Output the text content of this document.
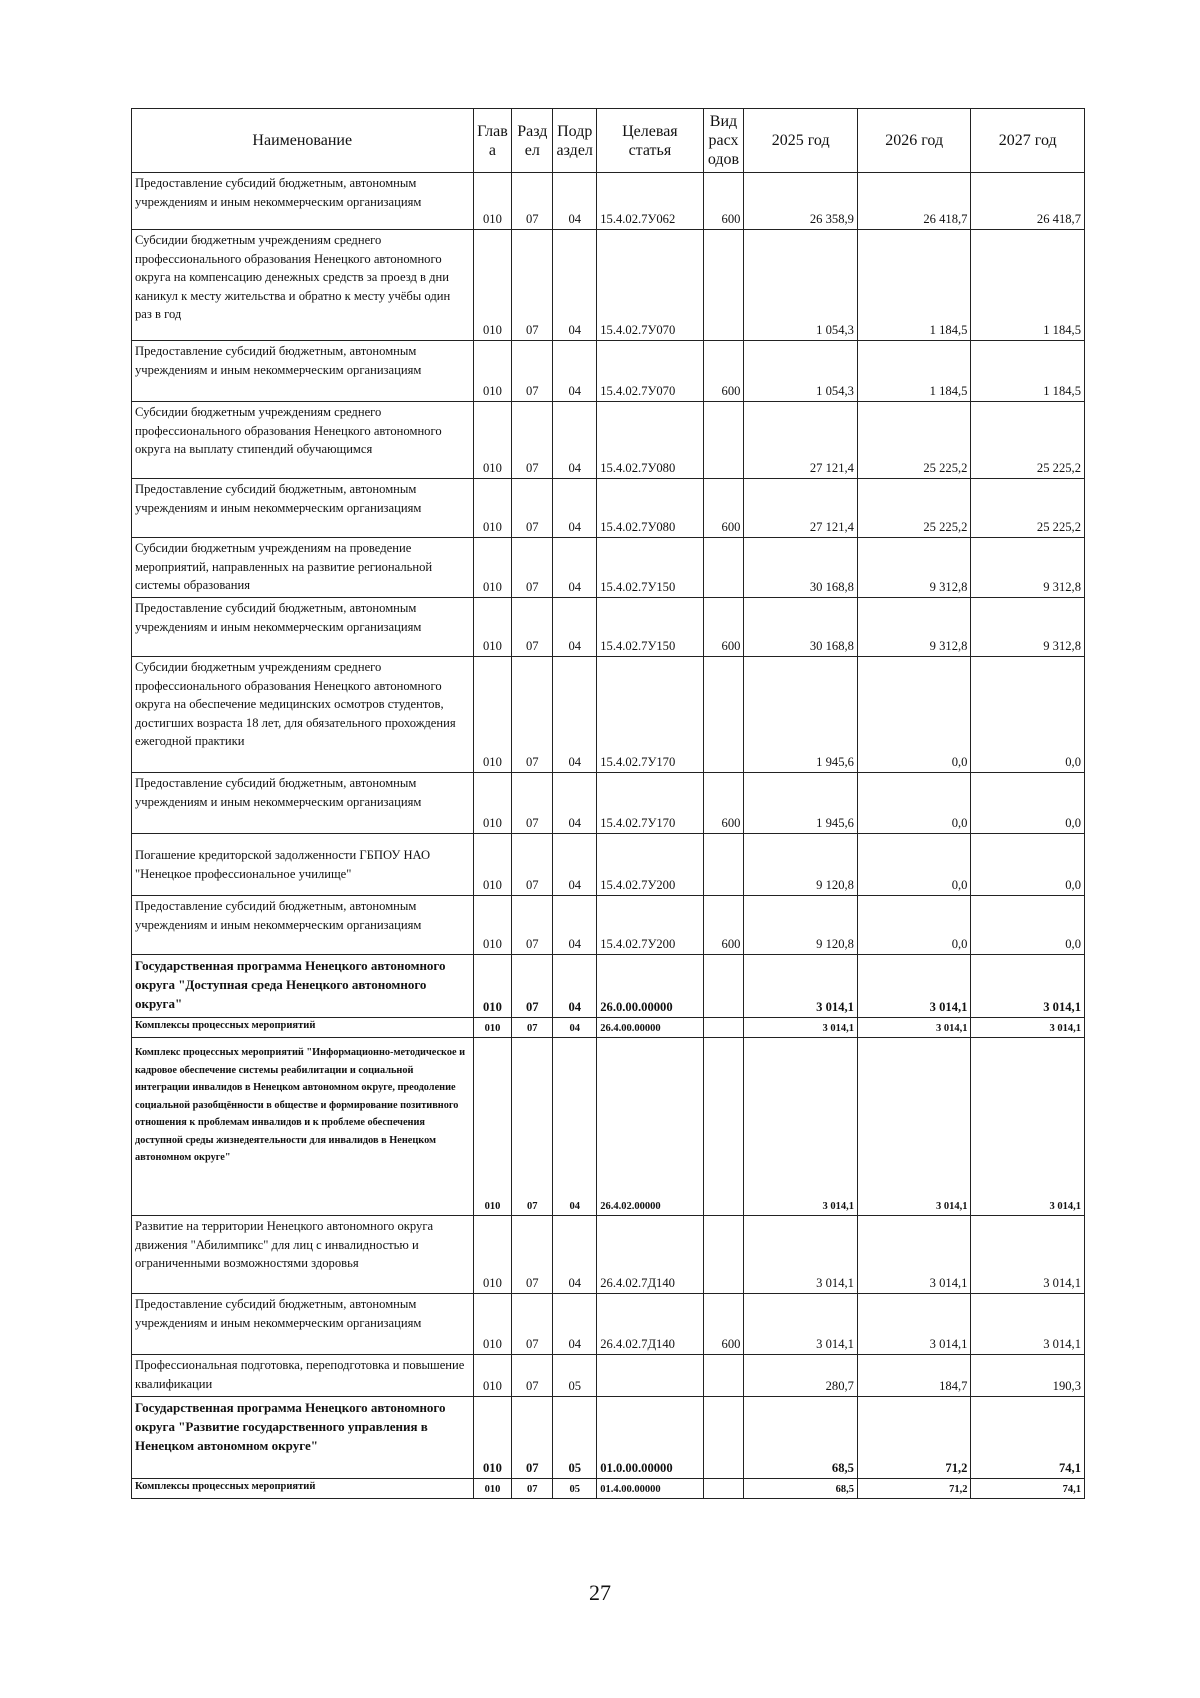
Наименование	Глав а	Разд ел	Подр аздел	Целевая статья	Вид расх одов	2025 год	2026 год	2027 год
Предоставление субсидий бюджетным, автономным учреждениям и иным некоммерческим организациям	010	07	04	15.4.02.7У062	600	26 358,9	26 418,7	26 418,7
Субсидии бюджетным учреждениям среднего профессионального образования Ненецкого автономного округа на компенсацию денежных средств за проезд в дни каникул к месту жительства и обратно к месту учёбы один раз в год	010	07	04	15.4.02.7У070		1 054,3	1 184,5	1 184,5
Предоставление субсидий бюджетным, автономным учреждениям и иным некоммерческим организациям	010	07	04	15.4.02.7У070	600	1 054,3	1 184,5	1 184,5
Субсидии бюджетным учреждениям среднего профессионального образования Ненецкого автономного округа на выплату стипендий обучающимся	010	07	04	15.4.02.7У080		27 121,4	25 225,2	25 225,2
Предоставление субсидий бюджетным, автономным учреждениям и иным некоммерческим организациям	010	07	04	15.4.02.7У080	600	27 121,4	25 225,2	25 225,2
Субсидии бюджетным учреждениям на проведение мероприятий, направленных на развитие региональной системы образования	010	07	04	15.4.02.7У150		30 168,8	9 312,8	9 312,8
Предоставление субсидий бюджетным, автономным учреждениям и иным некоммерческим организациям	010	07	04	15.4.02.7У150	600	30 168,8	9 312,8	9 312,8
Субсидии бюджетным учреждениям среднего профессионального образования Ненецкого автономного округа на обеспечение медицинских осмотров студентов, достигших возраста 18 лет, для обязательного прохождения ежегодной практики	010	07	04	15.4.02.7У170		1 945,6	0,0	0,0
Предоставление субсидий бюджетным, автономным учреждениям и иным некоммерческим организациям	010	07	04	15.4.02.7У170	600	1 945,6	0,0	0,0
Погашение кредиторской задолженности ГБПОУ НАО "Ненецкое профессиональное училище"	010	07	04	15.4.02.7У200		9 120,8	0,0	0,0
Предоставление субсидий бюджетным, автономным учреждениям и иным некоммерческим организациям	010	07	04	15.4.02.7У200	600	9 120,8	0,0	0,0
Государственная программа Ненецкого автономного округа "Доступная среда Ненецкого автономного округа"	010	07	04	26.0.00.00000		3 014,1	3 014,1	3 014,1
Комплексы процессных мероприятий	010	07	04	26.4.00.00000		3 014,1	3 014,1	3 014,1
Комплекс процессных мероприятий "Информационно-методическое и кадровое обеспечение системы реабилитации и социальной интеграции инвалидов в Ненецком автономном округе, преодоление социальной разобщённости в обществе и формирование позитивного отношения к проблемам инвалидов и к проблеме обеспечения доступной среды жизнедеятельности для инвалидов в Ненецком автономном округе"	010	07	04	26.4.02.00000		3 014,1	3 014,1	3 014,1
Развитие на территории Ненецкого автономного округа движения "Абилимпикс" для лиц с инвалидностью и ограниченными возможностями здоровья	010	07	04	26.4.02.7Д140		3 014,1	3 014,1	3 014,1
Предоставление субсидий бюджетным, автономным учреждениям и иным некоммерческим организациям	010	07	04	26.4.02.7Д140	600	3 014,1	3 014,1	3 014,1
Профессиональная подготовка, переподготовка и повышение квалификации	010	07	05			280,7	184,7	190,3
Государственная программа Ненецкого автономного округа "Развитие государственного управления в Ненецком автономном округе"	010	07	05	01.0.00.00000		68,5	71,2	74,1
Комплексы процессных мероприятий	010	07	05	01.4.00.00000		68,5	71,2	74,1
27
